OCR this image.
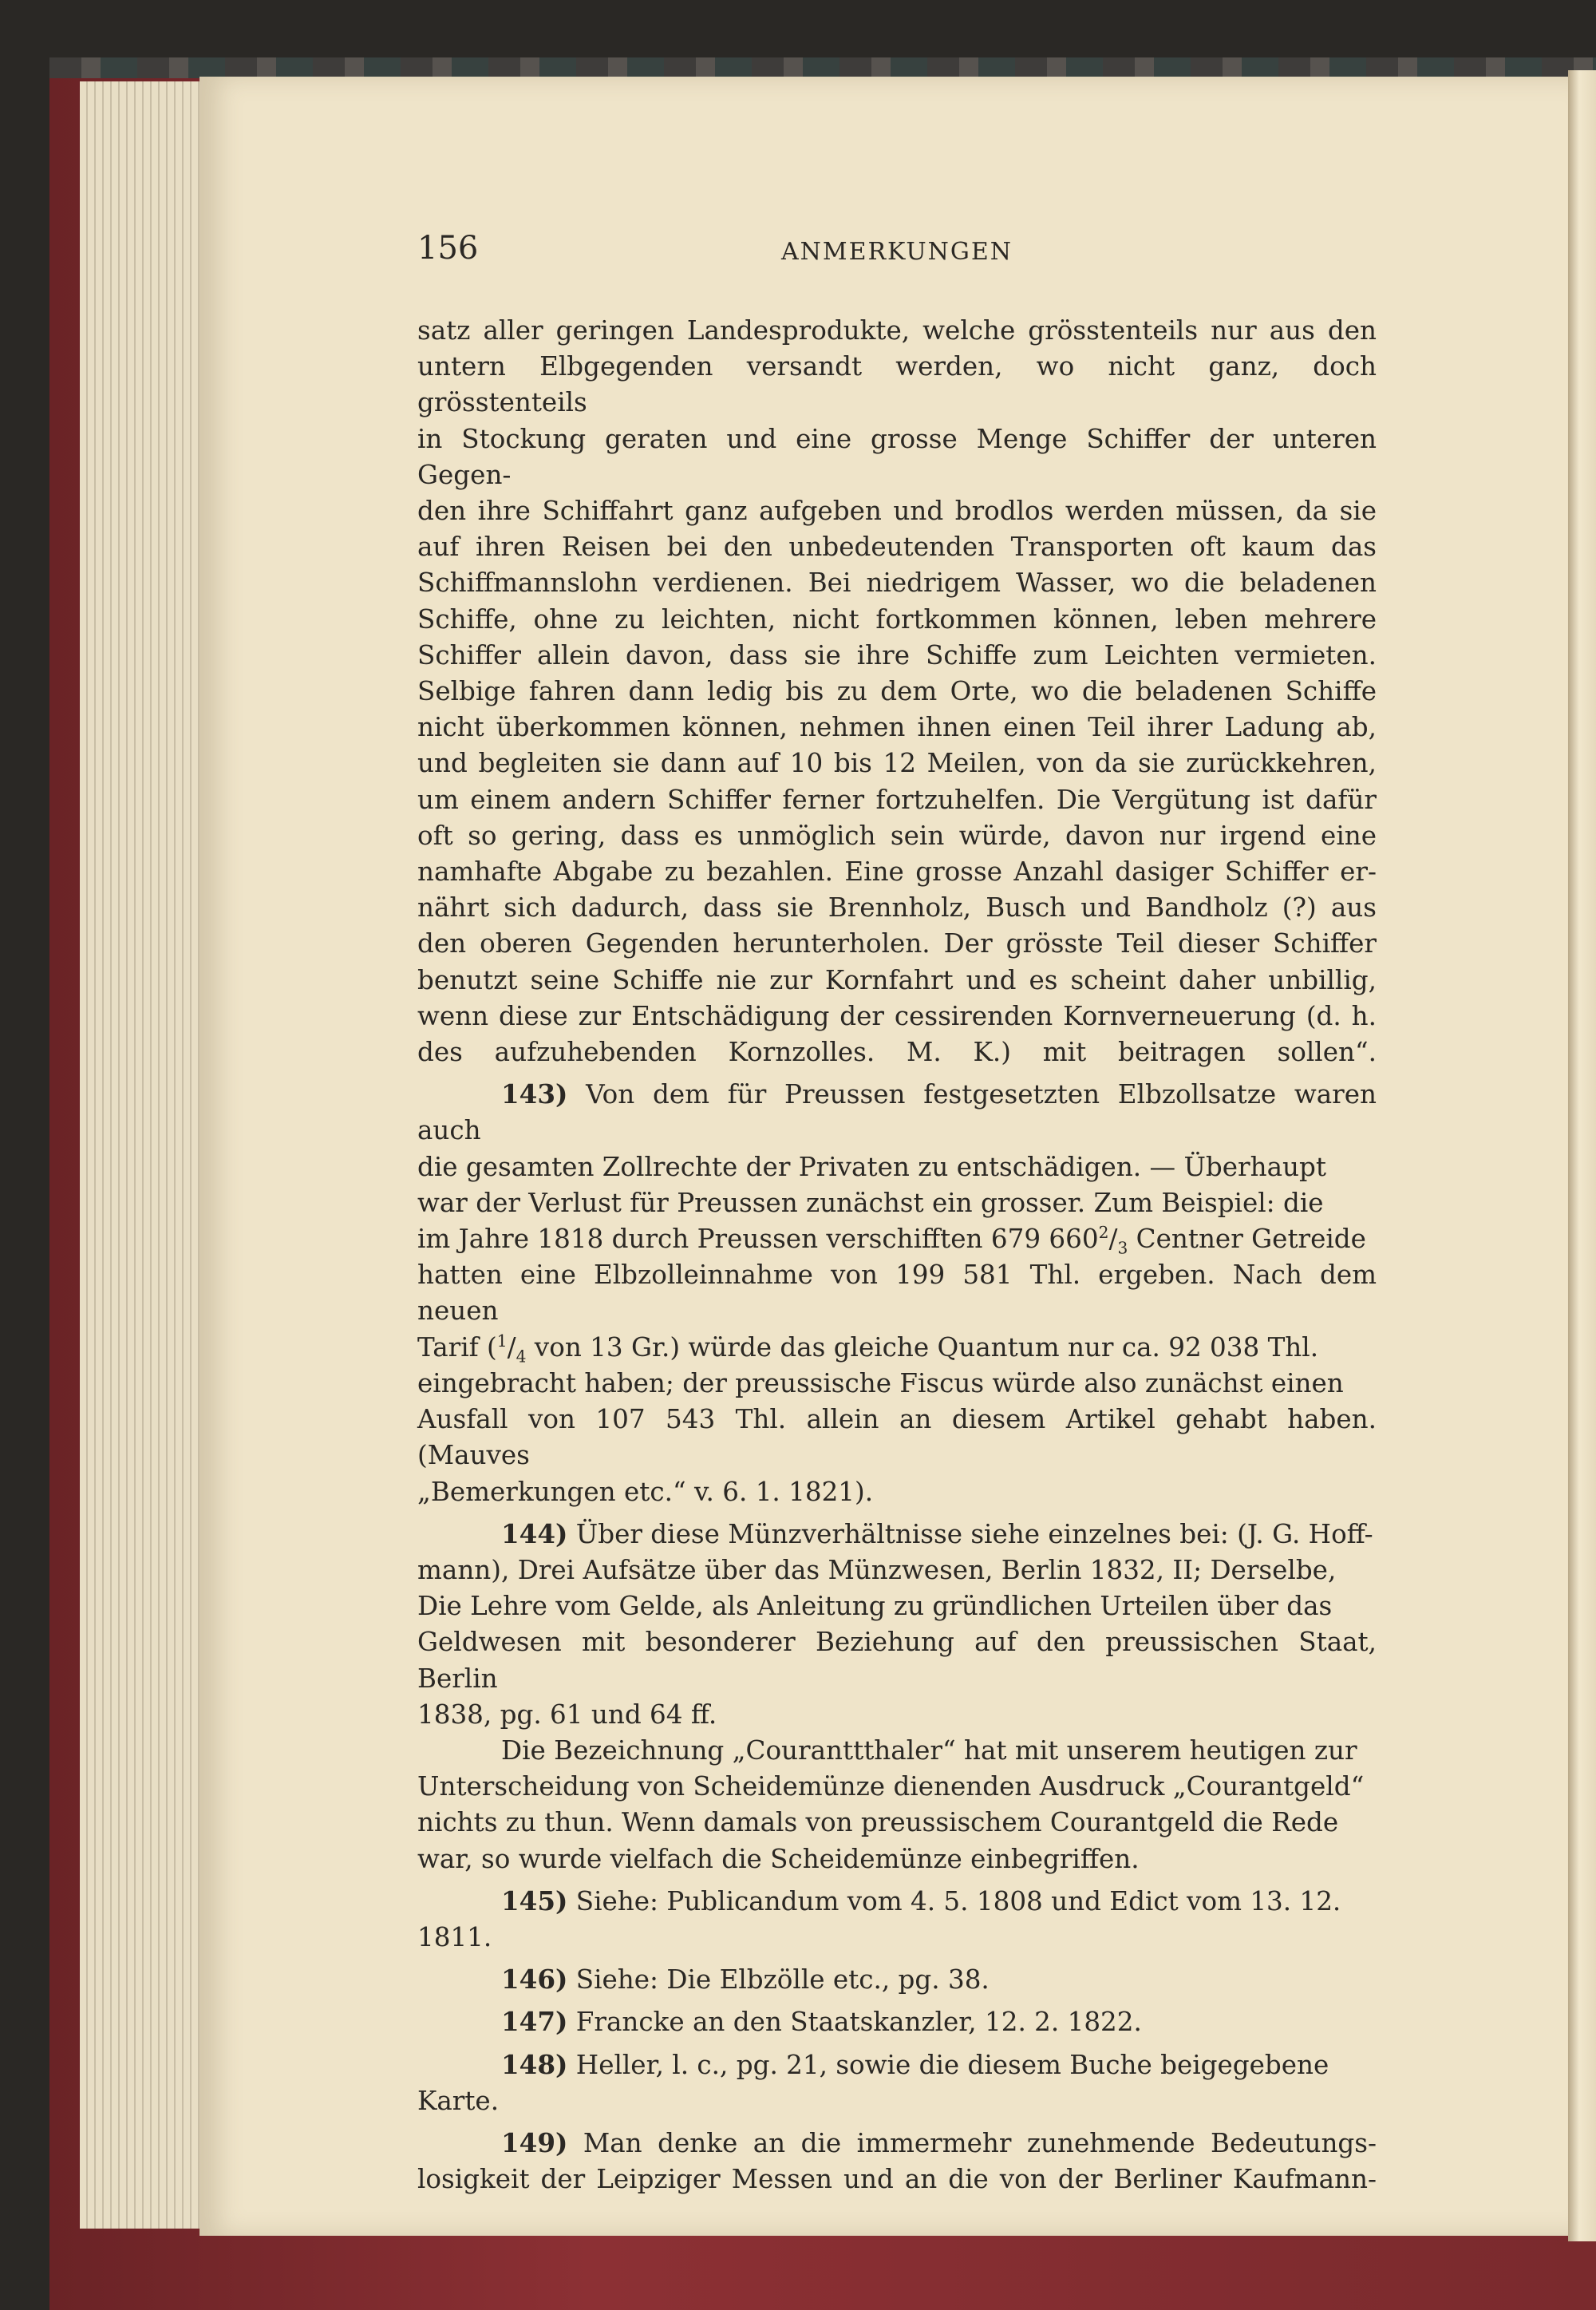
156	ANMERKUNGEN

satz aller geringen Landesprodukte, welche grösstenteils nur aus den
untern Elbgegenden versandt werden, wo nicht ganz, doch grösstenteils
in Stockung geraten und eine grosse Menge Schiffer der unteren Gegen-
den ihre Schiffahrt ganz aufgeben und brodlos werden müssen, da sie
auf ihren Reisen bei den unbedeutenden Transporten oft kaum das
Schiffmannslohn verdienen. Bei niedrigem Wasser, wo die beladenen
Schiffe, ohne zu leichten, nicht fortkommen können, leben mehrere
Schiffer allein davon, dass sie ihre Schiffe zum Leichten vermieten.
Selbige fahren dann ledig bis zu dem Orte, wo die beladenen Schiffe
nicht überkommen können, nehmen ihnen einen Teil ihrer Ladung ab,
und begleiten sie dann auf 10 bis 12 Meilen, von da sie zurückkehren,
um einem andern Schiffer ferner fortzuhelfen. Die Vergütung ist dafür
oft so gering, dass es unmöglich sein würde, davon nur irgend eine
namhafte Abgabe zu bezahlen. Eine grosse Anzahl dasiger Schiffer er-
nährt sich dadurch, dass sie Brennholz, Busch und Bandholz (?) aus
den oberen Gegenden herunterholen. Der grösste Teil dieser Schiffer
benutzt seine Schiffe nie zur Kornfahrt und es scheint daher unbillig,
wenn diese zur Entschädigung der cessirenden Kornverneuerung (d. h.
des aufzuhebenden Kornzolles. M. K.) mit beitragen sollen“.

143) Von dem für Preussen festgesetzten Elbzollsatze waren auch
die gesamten Zollrechte der Privaten zu entschädigen. — Überhaupt
war der Verlust für Preussen zunächst ein grosser. Zum Beispiel: die
im Jahre 1818 durch Preussen verschifften 679 $660^2/_3$ Centner Getreide
hatten eine Elbzolleinnahme von 199 581 Thl. ergeben. Nach dem neuen
Tarif ($^1/_4$ von 13 Gr.) würde das gleiche Quantum nur ca. 92 038 Thl.
eingebracht haben; der preussische Fiscus würde also zunächst einen
Ausfall von 107 543 Thl. allein an diesem Artikel gehabt haben. (Mauves
„Bemerkungen etc.“ v. 6. 1. 1821).

144) Über diese Münzverhältnisse siehe einzelnes bei: (J. G. Hoff-
mann), Drei Aufsätze über das Münzwesen, Berlin 1832, II; Derselbe,
Die Lehre vom Gelde, als Anleitung zu gründlichen Urteilen über das
Geldwesen mit besonderer Beziehung auf den preussischen Staat, Berlin
1838, pg. 61 und 64 ff.

Die Bezeichnung „Couranttthaler“ hat mit unserem heutigen zur
Unterscheidung von Scheidemünze dienenden Ausdruck „Courantgeld“
nichts zu thun. Wenn damals von preussischem Courantgeld die Rede
war, so wurde vielfach die Scheidemünze einbegriffen.

145) Siehe: Publicandum vom 4. 5. 1808 und Edict vom 13. 12.
1811.

146) Siehe: Die Elbzölle etc., pg. 38.

147) Francke an den Staatskanzler, 12. 2. 1822.

148) Heller, l. c., pg. 21, sowie die diesem Buche beigegebene
Karte.

149) Man denke an die immermehr zunehmende Bedeutungs-
losigkeit der Leipziger Messen und an die von der Berliner Kaufmann-
